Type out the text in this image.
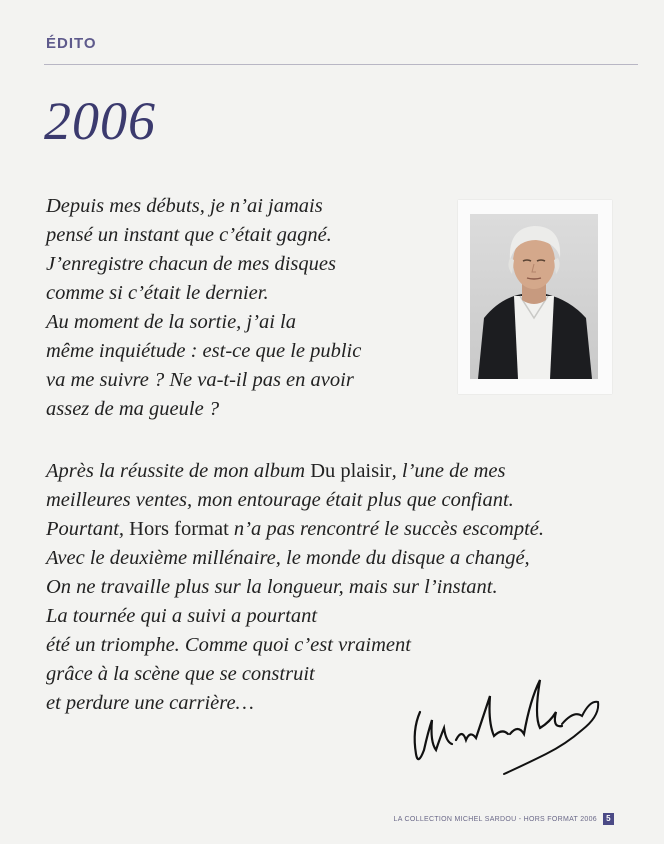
ÉDITO
2006
Depuis mes débuts, je n’ai jamais
pensé un instant que c’était gagné.
J’enregistre chacun de mes disques
comme si c’était le dernier.
Au moment de la sortie, j’ai la
même inquiétude : est-ce que le public
va me suivre ? Ne va-t-il pas en avoir
assez de ma gueule ?
Après la réussite de mon album Du plaisir, l’une de mes
meilleures ventes, mon entourage était plus que confiant.
Pourtant, Hors format n’a pas rencontré le succès escompté.
Avec le deuxième millénaire, le monde du disque a changé,
On ne travaille plus sur la longueur, mais sur l’instant.
La tournée qui a suivi a pourtant
été un triomphe. Comme quoi c’est vraiment
grâce à la scène que se construit
et perdure une carrière…
LA COLLECTION MICHEL SARDOU - HORS FORMAT 2006	5
